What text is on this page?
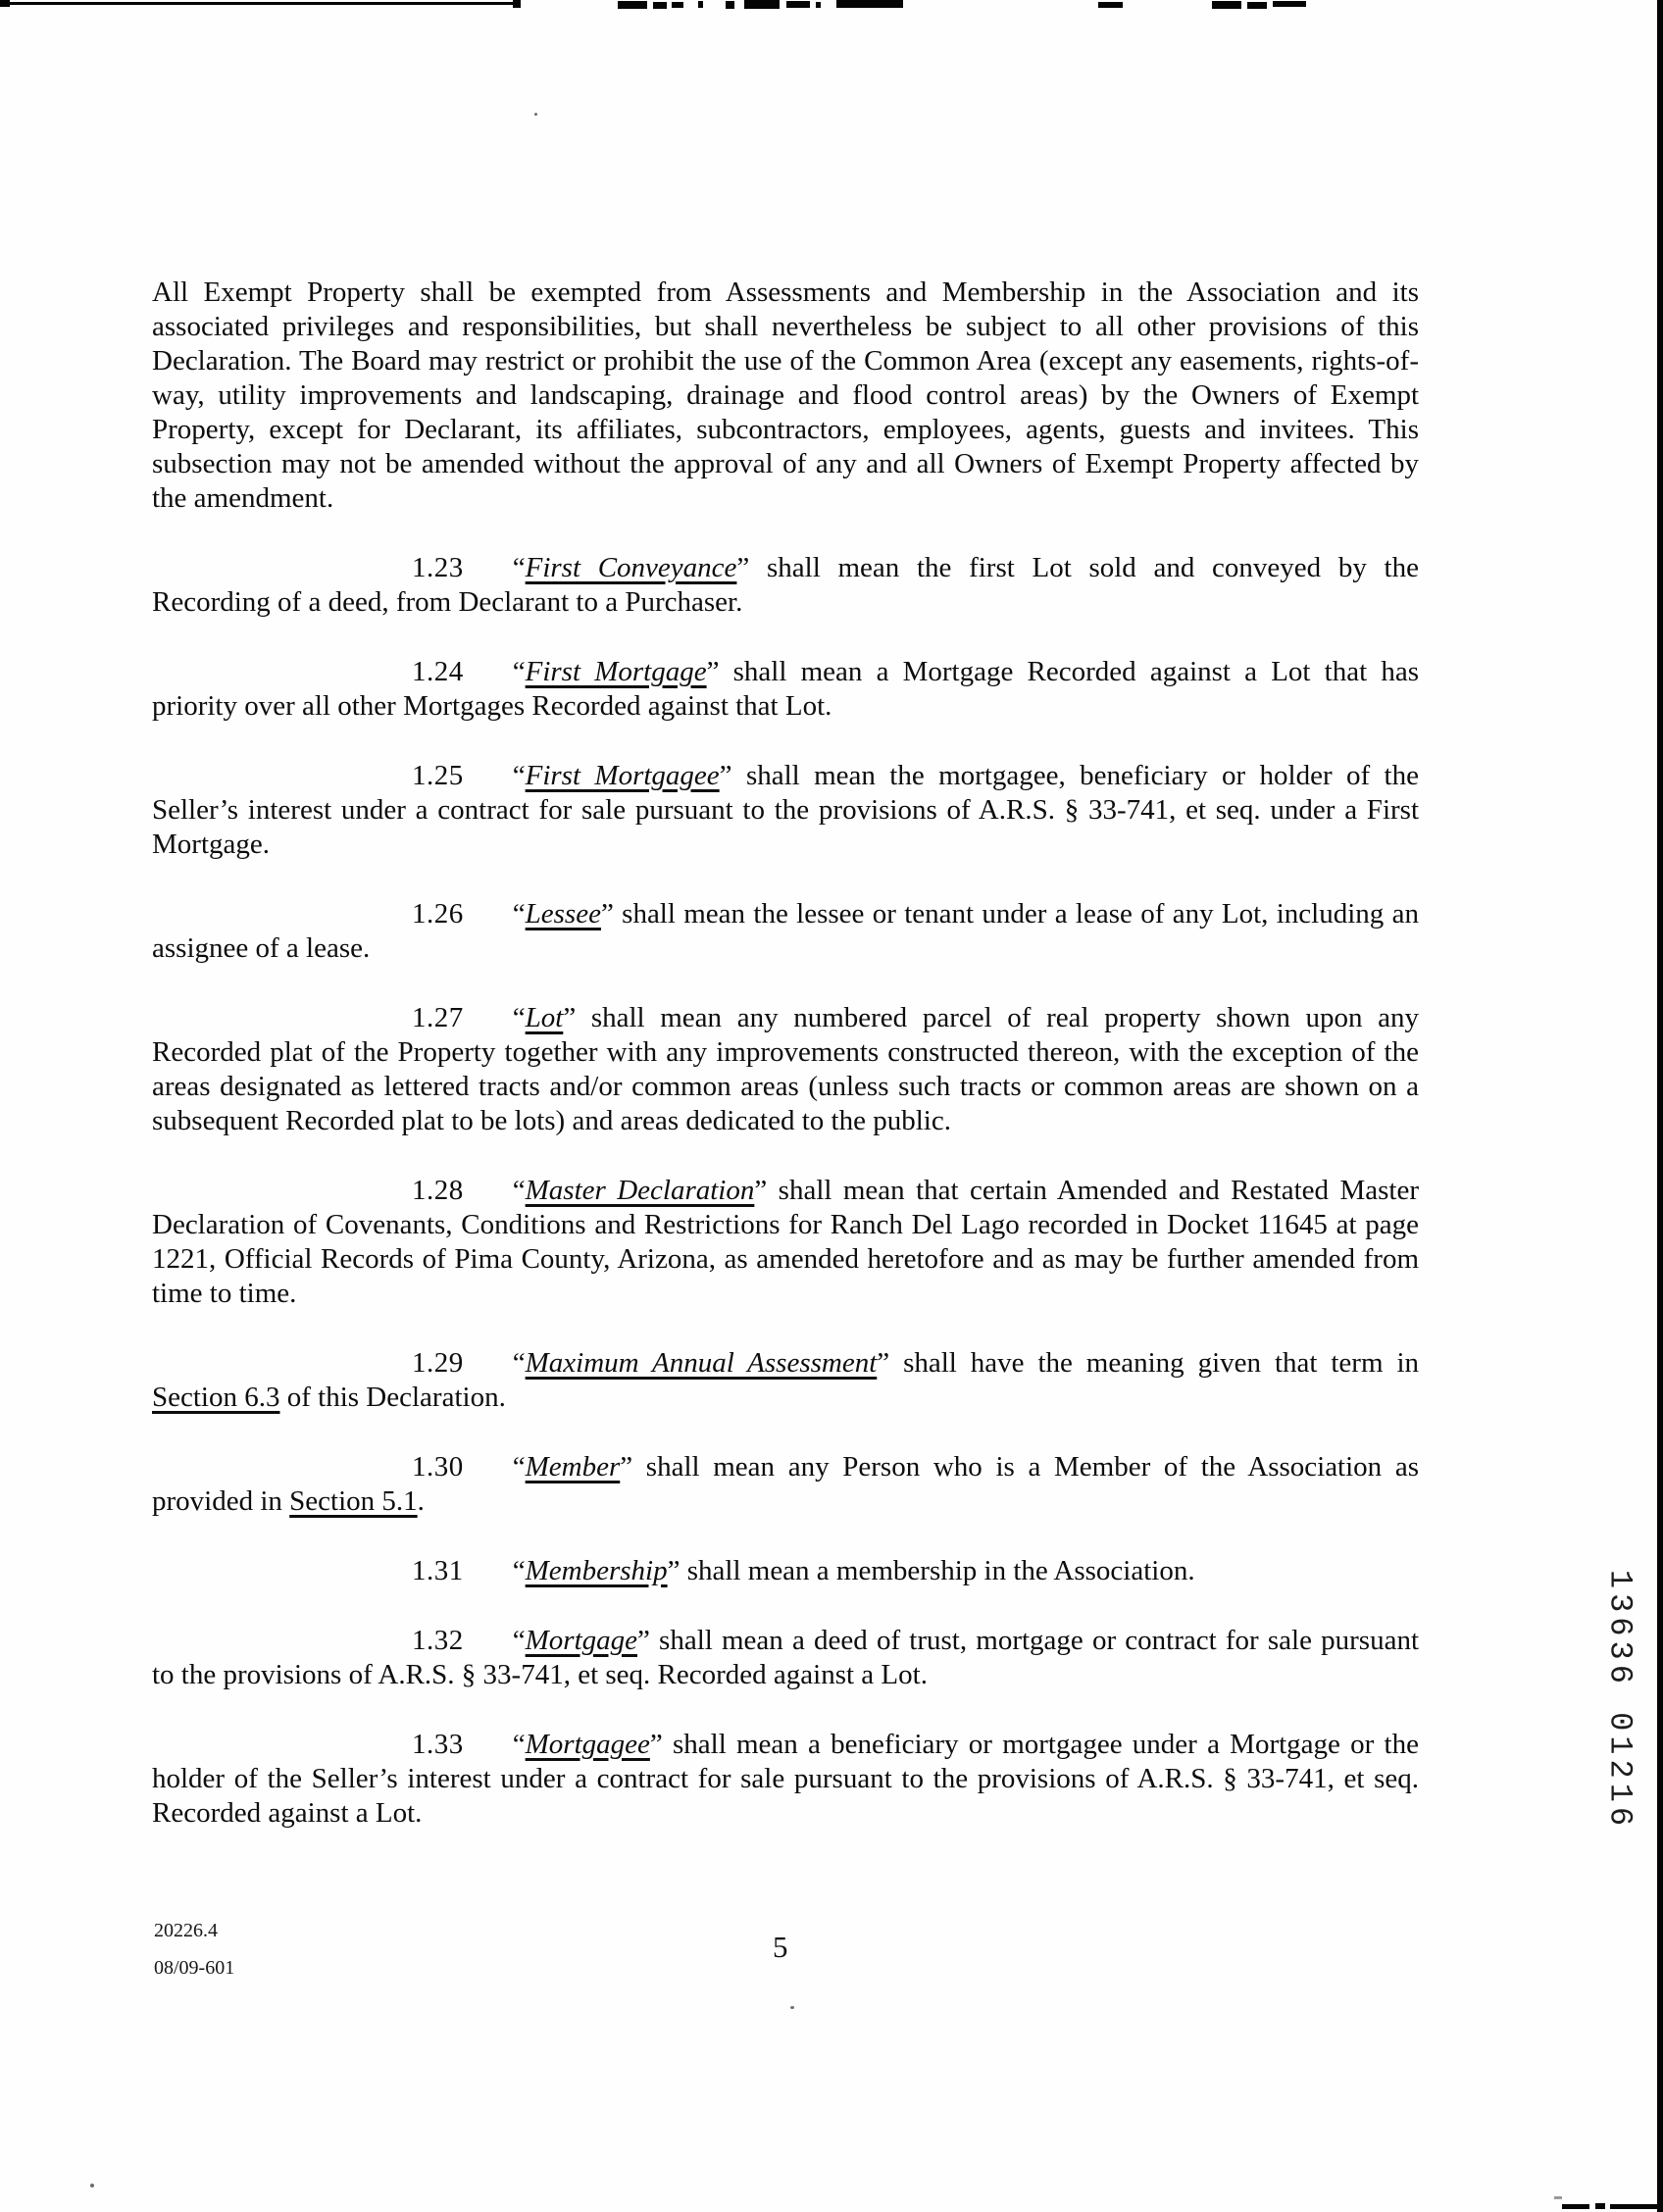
All Exempt Property shall be exempted from Assessments and Membership in the Association and its associated privileges and responsibilities, but shall nevertheless be subject to all other provisions of this Declaration. The Board may restrict or prohibit the use of the Common Area (except any easements, rights-of-way, utility improvements and landscaping, drainage and flood control areas) by the Owners of Exempt Property, except for Declarant, its affiliates, subcontractors, employees, agents, guests and invitees. This subsection may not be amended without the approval of any and all Owners of Exempt Property affected by the amendment.

1.23 “First Conveyance” shall mean the first Lot sold and conveyed by the Recording of a deed, from Declarant to a Purchaser.

1.24 “First Mortgage” shall mean a Mortgage Recorded against a Lot that has priority over all other Mortgages Recorded against that Lot.

1.25 “First Mortgagee” shall mean the mortgagee, beneficiary or holder of the Seller’s interest under a contract for sale pursuant to the provisions of A.R.S. § 33-741, et seq. under a First Mortgage.

1.26 “Lessee” shall mean the lessee or tenant under a lease of any Lot, including an assignee of a lease.

1.27 “Lot” shall mean any numbered parcel of real property shown upon any Recorded plat of the Property together with any improvements constructed thereon, with the exception of the areas designated as lettered tracts and/or common areas (unless such tracts or common areas are shown on a subsequent Recorded plat to be lots) and areas dedicated to the public.

1.28 “Master Declaration” shall mean that certain Amended and Restated Master Declaration of Covenants, Conditions and Restrictions for Ranch Del Lago recorded in Docket 11645 at page 1221, Official Records of Pima County, Arizona, as amended heretofore and as may be further amended from time to time.

1.29 “Maximum Annual Assessment” shall have the meaning given that term in Section 6.3 of this Declaration.

1.30 “Member” shall mean any Person who is a Member of the Association as provided in Section 5.1.

1.31 “Membership” shall mean a membership in the Association.

1.32 “Mortgage” shall mean a deed of trust, mortgage or contract for sale pursuant to the provisions of A.R.S. § 33-741, et seq. Recorded against a Lot.

1.33 “Mortgagee” shall mean a beneficiary or mortgagee under a Mortgage or the holder of the Seller’s interest under a contract for sale pursuant to the provisions of A.R.S. § 33-741, et seq. Recorded against a Lot.	13636 01216
20226.4
08/09-601
5
